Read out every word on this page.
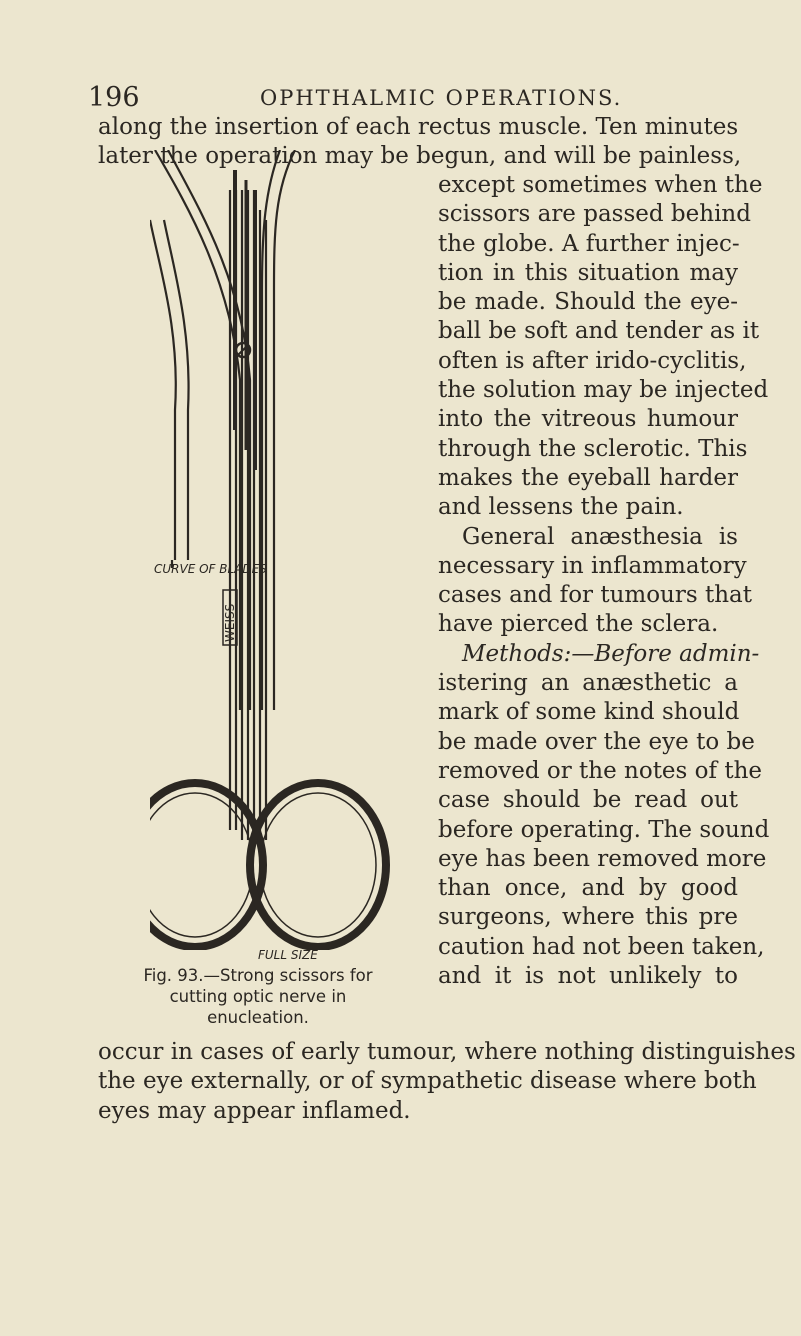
196	OPHTHALMIC OPERATIONS.
along the insertion of each rectus muscle. Ten minutes
later the operation may be begun, and will be painless,
WEISS
CURVE OF BLADES
FULL SIZE
Fig. 93.—Strong scissors for
cutting optic nerve in
enucleation.
except sometimes when the
scissors are passed behind
the globe. A further injec-
tion in this situation may
be made. Should the eye-
ball be soft and tender as it
often is after irido-cyclitis,
the solution may be injected
into the vitreous humour
through the sclerotic. This
makes the eyeball harder
and lessens the pain.
General anæsthesia is
necessary in inflammatory
cases and for tumours that
have pierced the sclera.
Methods:—Before admin-
istering an anæsthetic a
mark of some kind should
be made over the eye to be
removed or the notes of the
case should be read out
before operating. The sound
eye has been removed more
than once, and by good
surgeons, where this pre
caution had not been taken,
and it is not unlikely to
occur in cases of early tumour, where nothing distinguishes
the eye externally, or of sympathetic disease where both
eyes may appear inflamed.
